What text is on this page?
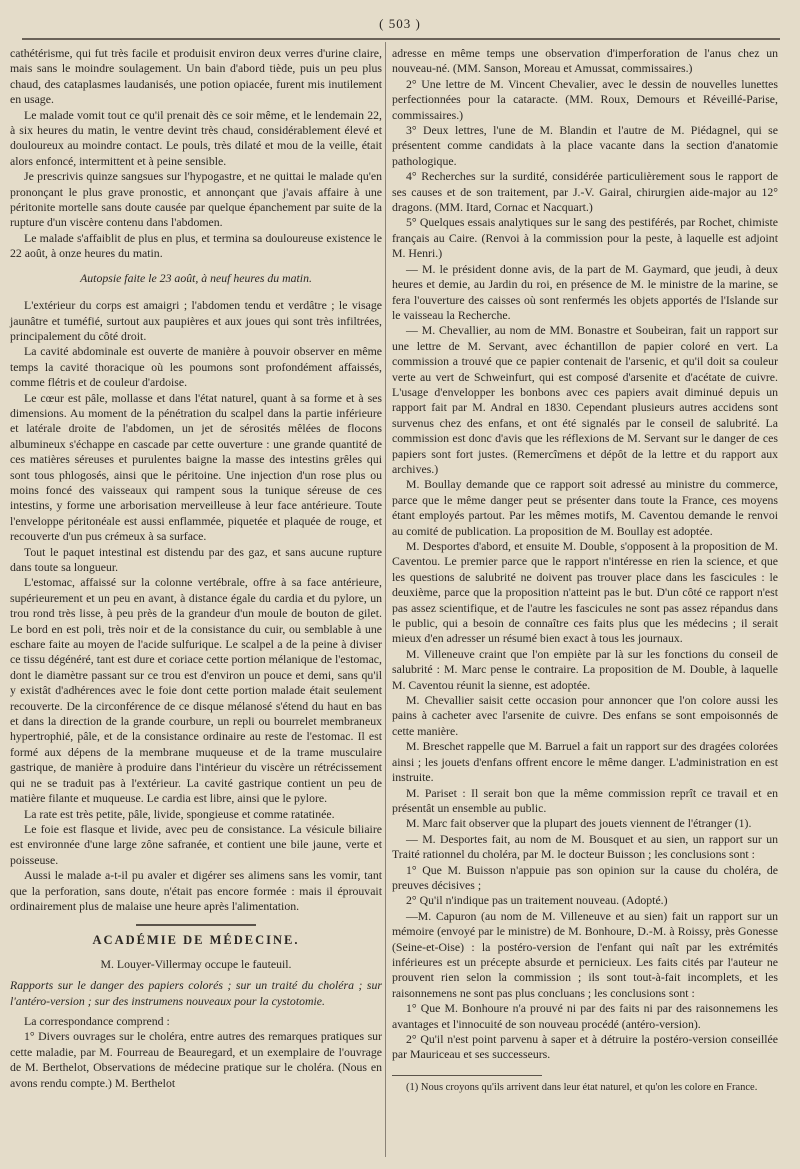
( 503 )

cathétérisme, qui fut très facile et produisit environ deux verres d'urine claire, mais sans le moindre soulagement. Un bain d'abord tiède, puis un peu plus chaud, des cataplasmes laudanisés, une potion opiacée, furent mis inutilement en usage.

Le malade vomit tout ce qu'il prenait dès ce soir même, et le lendemain 22, à six heures du matin, le ventre devint très chaud, considérablement élevé et douloureux au moindre contact. Le pouls, très dilaté et mou de la veille, était alors enfoncé, intermittent et à peine sensible.

Je prescrivis quinze sangsues sur l'hypogastre, et ne quittai le malade qu'en prononçant le plus grave pronostic, et annonçant que j'avais affaire à une péritonite mortelle sans doute causée par quelque épanchement par suite de la rupture d'un viscère contenu dans l'abdomen.

Le malade s'affaiblit de plus en plus, et termina sa douloureuse existence le 22 août, à onze heures du matin.

Autopsie faite le 23 août, à neuf heures du matin.

L'extérieur du corps est amaigri ; l'abdomen tendu et verdâtre ; le visage jaunâtre et tuméfié, surtout aux paupières et aux joues qui sont très infiltrées, principalement du côté droit.

La cavité abdominale est ouverte de manière à pouvoir observer en même temps la cavité thoracique où les poumons sont profondément affaissés, comme flétris et de couleur d'ardoise.

Le cœur est pâle, mollasse et dans l'état naturel, quant à sa forme et à ses dimensions. Au moment de la pénétration du scalpel dans la partie inférieure et latérale droite de l'abdomen, un jet de sérosités mêlées de flocons albumineux s'échappe en cascade par cette ouverture : une grande quantité de ces matières séreuses et purulentes baigne la masse des intestins grêles qui sont tous phlogosés, ainsi que le péritoine. Une injection d'un rose plus ou moins foncé des vaisseaux qui rampent sous la tunique séreuse de ces intestins, y forme une arborisation merveilleuse à leur face antérieure. Toute l'enveloppe péritonéale est aussi enflammée, piquetée et plaquée de rouge, et recouverte d'un pus crémeux à sa surface.

Tout le paquet intestinal est distendu par des gaz, et sans aucune rupture dans toute sa longueur.

L'estomac, affaissé sur la colonne vertébrale, offre à sa face antérieure, supérieurement et un peu en avant, à distance égale du cardia et du pylore, un trou rond très lisse, à peu près de la grandeur d'un moule de bouton de gilet. Le bord en est poli, très noir et de la consistance du cuir, ou semblable à une eschare faite au moyen de l'acide sulfurique. Le scalpel a de la peine à diviser ce tissu dégénéré, tant est dure et coriace cette portion mélanique de l'estomac, dont le diamètre passant sur ce trou est d'environ un pouce et demi, sans qu'il y existât d'adhérences avec le foie dont cette portion malade était seulement recouverte. De la circonférence de ce disque mélanosé s'étend du haut en bas et dans la direction de la grande courbure, un repli ou bourrelet membraneux hypertrophié, pâle, et de la consistance ordinaire au reste de l'estomac. Il est formé aux dépens de la membrane muqueuse et de la trame musculaire gastrique, de manière à produire dans l'intérieur du viscère un rétrécissement qui ne se traduit pas à l'extérieur. La cavité gastrique contient un peu de matière filante et muqueuse. Le cardia est libre, ainsi que le pylore.

La rate est très petite, pâle, livide, spongieuse et comme ratatinée.

Le foie est flasque et livide, avec peu de consistance. La vésicule biliaire est environnée d'une large zône safranée, et contient une bile jaune, verte et poisseuse.

Aussi le malade a-t-il pu avaler et digérer ses alimens sans les vomir, tant que la perforation, sans doute, n'était pas encore formée : mais il éprouvait ordinairement plus de malaise une heure après l'alimentation.

ACADÉMIE DE MÉDECINE.

M. Louyer-Villermay occupe le fauteuil.

Rapports sur le danger des papiers colorés ; sur un traité du choléra ; sur l'antéro-version ; sur des instrumens nouveaux pour la cystotomie.

La correspondance comprend :

1° Divers ouvrages sur le choléra, entre autres des remarques pratiques sur cette maladie, par M. Fourreau de Beauregard, et un exemplaire de l'ouvrage de M. Berthelot, Observations de médecine pratique sur le choléra. (Nous en avons rendu compte.) M. Berthelot

adresse en même temps une observation d'imperforation de l'anus chez un nouveau-né. (MM. Sanson, Moreau et Amussat, commissaires.)

2° Une lettre de M. Vincent Chevalier, avec le dessin de nouvelles lunettes perfectionnées pour la cataracte. (MM. Roux, Demours et Réveillé-Parise, commissaires.)

3° Deux lettres, l'une de M. Blandin et l'autre de M. Piédagnel, qui se présentent comme candidats à la place vacante dans la section d'anatomie pathologique.

4° Recherches sur la surdité, considérée particulièrement sous le rapport de ses causes et de son traitement, par J.-V. Gairal, chirurgien aide-major au 12° dragons. (MM. Itard, Cornac et Nacquart.)

5° Quelques essais analytiques sur le sang des pestiférés, par Rochet, chimiste français au Caire. (Renvoi à la commission pour la peste, à laquelle est adjoint M. Henri.)

— M. le président donne avis, de la part de M. Gaymard, que jeudi, à deux heures et demie, au Jardin du roi, en présence de M. le ministre de la marine, se fera l'ouverture des caisses où sont renfermés les objets apportés de l'Islande sur le vaisseau la Recherche.

— M. Chevallier, au nom de MM. Bonastre et Soubeiran, fait un rapport sur une lettre de M. Servant, avec échantillon de papier coloré en vert. La commission a trouvé que ce papier contenait de l'arsenic, et qu'il doit sa couleur verte au vert de Schweinfurt, qui est composé d'arsenite et d'acétate de cuivre. L'usage d'envelopper les bonbons avec ces papiers avait diminué depuis un rapport fait par M. Andral en 1830. Cependant plusieurs autres accidens sont survenus chez des enfans, et ont été signalés par le conseil de salubrité. La commission est donc d'avis que les réflexions de M. Servant sur le danger de ces papiers sont fort justes. (Remercîmens et dépôt de la lettre et du rapport aux archives.)

M. Boullay demande que ce rapport soit adressé au ministre du commerce, parce que le même danger peut se présenter dans toute la France, ces moyens étant employés partout. Par les mêmes motifs, M. Caventou demande le renvoi au comité de publication. La proposition de M. Boullay est adoptée.

M. Desportes d'abord, et ensuite M. Double, s'opposent à la proposition de M. Caventou. Le premier parce que le rapport n'intéresse en rien la science, et que les questions de salubrité ne doivent pas trouver place dans les fascicules : le deuxième, parce que la proposition n'atteint pas le but. D'un côté ce rapport n'est pas assez scientifique, et de l'autre les fascicules ne sont pas assez répandus dans le public, qui a besoin de connaître ces faits plus que les médecins ; il serait mieux d'en adresser un résumé bien exact à tous les journaux.

M. Villeneuve craint que l'on empiète par là sur les fonctions du conseil de salubrité : M. Marc pense le contraire. La proposition de M. Double, à laquelle M. Caventou réunit la sienne, est adoptée.

M. Chevallier saisit cette occasion pour annoncer que l'on colore aussi les pains à cacheter avec l'arsenite de cuivre. Des enfans se sont empoisonnés de cette manière.

M. Breschet rappelle que M. Barruel a fait un rapport sur des dragées colorées ainsi ; les jouets d'enfans offrent encore le même danger. L'administration en est instruite.

M. Pariset : Il serait bon que la même commission reprît ce travail et en présentât un ensemble au public.

M. Marc fait observer que la plupart des jouets viennent de l'étranger (1).

— M. Desportes fait, au nom de M. Bousquet et au sien, un rapport sur un Traité rationnel du choléra, par M. le docteur Buisson ; les conclusions sont :

1° Que M. Buisson n'appuie pas son opinion sur la cause du choléra, de preuves décisives ;

2° Qu'il n'indique pas un traitement nouveau. (Adopté.)

—M. Capuron (au nom de M. Villeneuve et au sien) fait un rapport sur un mémoire (envoyé par le ministre) de M. Bonhoure, D.-M. à Roissy, près Gonesse (Seine-et-Oise) : la postéro-version de l'enfant qui naît par les extrémités inférieures est un précepte absurde et pernicieux. Les faits cités par l'auteur ne prouvent rien selon la commission ; ils sont tout-à-fait incomplets, et les raisonnemens ne sont pas plus concluans ; les conclusions sont :

1° Que M. Bonhoure n'a prouvé ni par des faits ni par des raisonnemens les avantages et l'innocuité de son nouveau procédé (antéro-version).

2° Qu'il n'est point parvenu à saper et à détruire la postéro-version conseillée par Mauriceau et ses successeurs.

(1) Nous croyons qu'ils arrivent dans leur état naturel, et qu'on les colore en France.
